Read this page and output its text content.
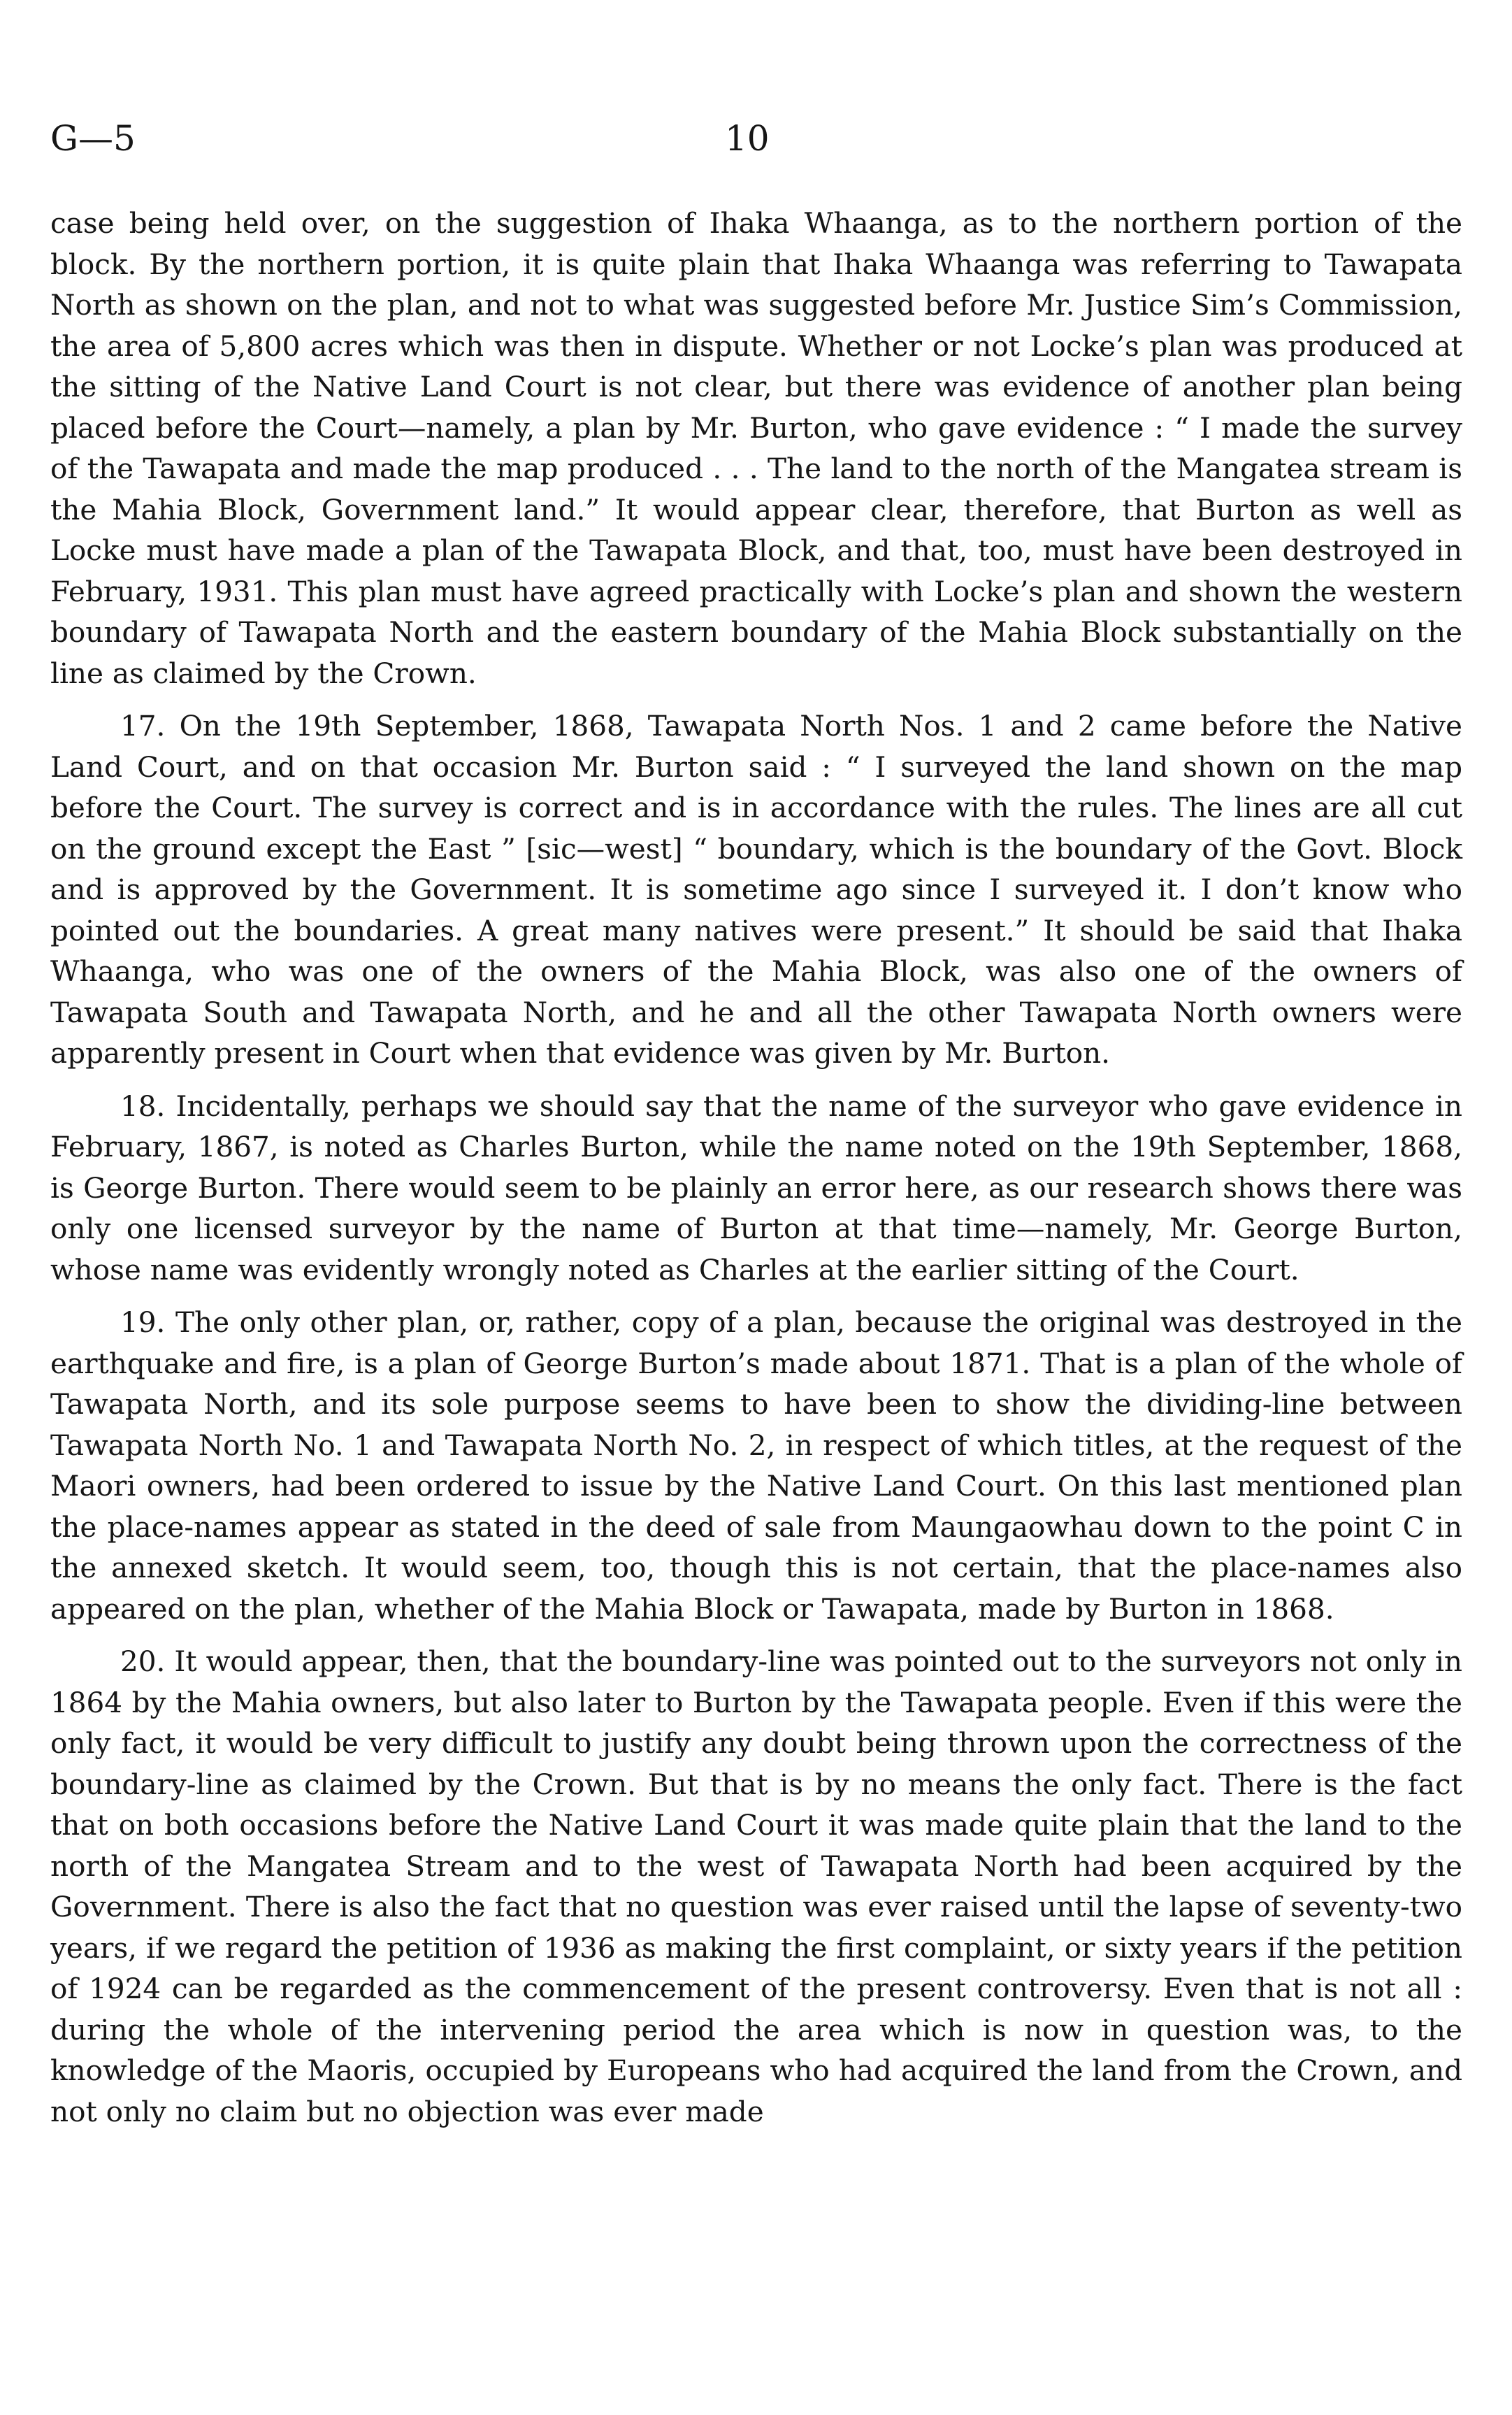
G—5	10

case being held over, on the suggestion of Ihaka Whaanga, as to the northern portion of the block. By the northern portion, it is quite plain that Ihaka Whaanga was referring to Tawapata North as shown on the plan, and not to what was suggested before Mr. Justice Sim’s Commission, the area of 5,800 acres which was then in dispute. Whether or not Locke’s plan was produced at the sitting of the Native Land Court is not clear, but there was evidence of another plan being placed before the Court—namely, a plan by Mr. Burton, who gave evidence : “ I made the survey of the Tawapata and made the map produced . . . The land to the north of the Mangatea stream is the Mahia Block, Government land.” It would appear clear, therefore, that Burton as well as Locke must have made a plan of the Tawapata Block, and that, too, must have been destroyed in February, 1931. This plan must have agreed practically with Locke’s plan and shown the western boundary of Tawapata North and the eastern boundary of the Mahia Block substantially on the line as claimed by the Crown.

17. On the 19th September, 1868, Tawapata North Nos. 1 and 2 came before the Native Land Court, and on that occasion Mr. Burton said : “ I surveyed the land shown on the map before the Court. The survey is correct and is in accordance with the rules. The lines are all cut on the ground except the East ” [sic—west] “ boundary, which is the boundary of the Govt. Block and is approved by the Government. It is sometime ago since I surveyed it. I don’t know who pointed out the boundaries. A great many natives were present.” It should be said that Ihaka Whaanga, who was one of the owners of the Mahia Block, was also one of the owners of Tawapata South and Tawapata North, and he and all the other Tawapata North owners were apparently present in Court when that evidence was given by Mr. Burton.

18. Incidentally, perhaps we should say that the name of the surveyor who gave evidence in February, 1867, is noted as Charles Burton, while the name noted on the 19th September, 1868, is George Burton. There would seem to be plainly an error here, as our research shows there was only one licensed surveyor by the name of Burton at that time—namely, Mr. George Burton, whose name was evidently wrongly noted as Charles at the earlier sitting of the Court.

19. The only other plan, or, rather, copy of a plan, because the original was destroyed in the earthquake and fire, is a plan of George Burton’s made about 1871. That is a plan of the whole of Tawapata North, and its sole purpose seems to have been to show the dividing-line between Tawapata North No. 1 and Tawapata North No. 2, in respect of which titles, at the request of the Maori owners, had been ordered to issue by the Native Land Court. On this last mentioned plan the place-names appear as stated in the deed of sale from Maungaowhau down to the point C in the annexed sketch. It would seem, too, though this is not certain, that the place-names also appeared on the plan, whether of the Mahia Block or Tawapata, made by Burton in 1868.

20. It would appear, then, that the boundary-line was pointed out to the surveyors not only in 1864 by the Mahia owners, but also later to Burton by the Tawapata people. Even if this were the only fact, it would be very difficult to justify any doubt being thrown upon the correctness of the boundary-line as claimed by the Crown. But that is by no means the only fact. There is the fact that on both occasions before the Native Land Court it was made quite plain that the land to the north of the Mangatea Stream and to the west of Tawapata North had been acquired by the Government. There is also the fact that no question was ever raised until the lapse of seventy-two years, if we regard the petition of 1936 as making the first complaint, or sixty years if the petition of 1924 can be regarded as the commencement of the present controversy. Even that is not all : during the whole of the intervening period the area which is now in question was, to the knowledge of the Maoris, occupied by Europeans who had acquired the land from the Crown, and not only no claim but no objection was ever made
